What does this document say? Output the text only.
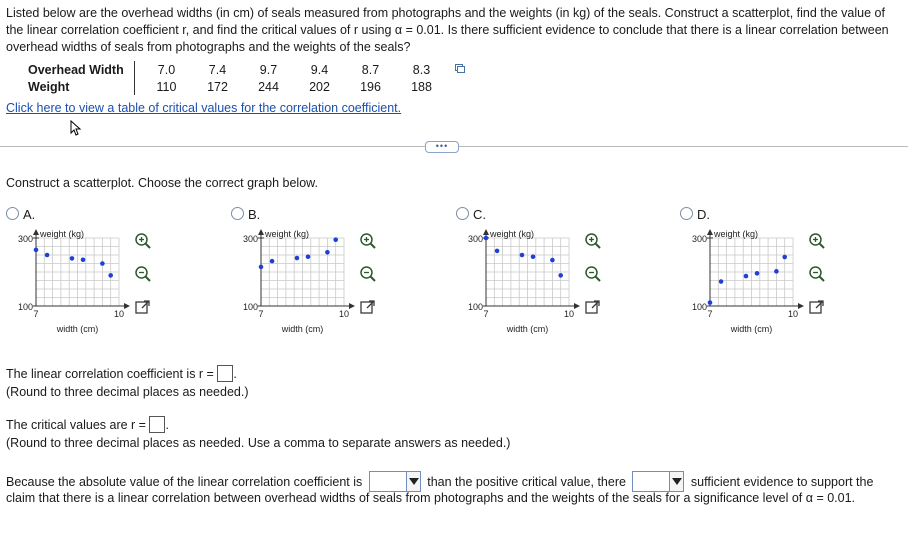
Listed below are the overhead widths (in cm) of seals measured from photographs and the weights (in kg) of the seals. Construct a scatterplot, find the value of the linear correlation coefficient r, and find the critical values of r using α = 0.01. Is there sufficient evidence to conclude that there is a linear correlation between overhead widths of seals from photographs and the weights of the seals?
Overhead Width		7.0	7.4	9.7	9.4	8.7	8.3
Weight		110	172	244	202	196	188
Click here to view a table of critical values for the correlation coefficient.
•••
Construct a scatterplot. Choose the correct graph below.
A.
300
100
7	10
weight (kg)
width (cm)
B.
300
100
7	10
weight (kg)
width (cm)
C.
300
100
7	10
weight (kg)
width (cm)
D.
300
100
7	10
weight (kg)
width (cm)
The linear correlation coefficient is r = .
(Round to three decimal places as needed.)
The critical values are r = .
(Round to three decimal places as needed. Use a comma to separate answers as needed.)
Because the absolute value of the linear correlation coefficient is	than the positive critical value, there	sufficient evidence to support the
claim that there is a linear correlation between overhead widths of seals from photographs and the weights of the seals for a significance level of α = 0.01.
